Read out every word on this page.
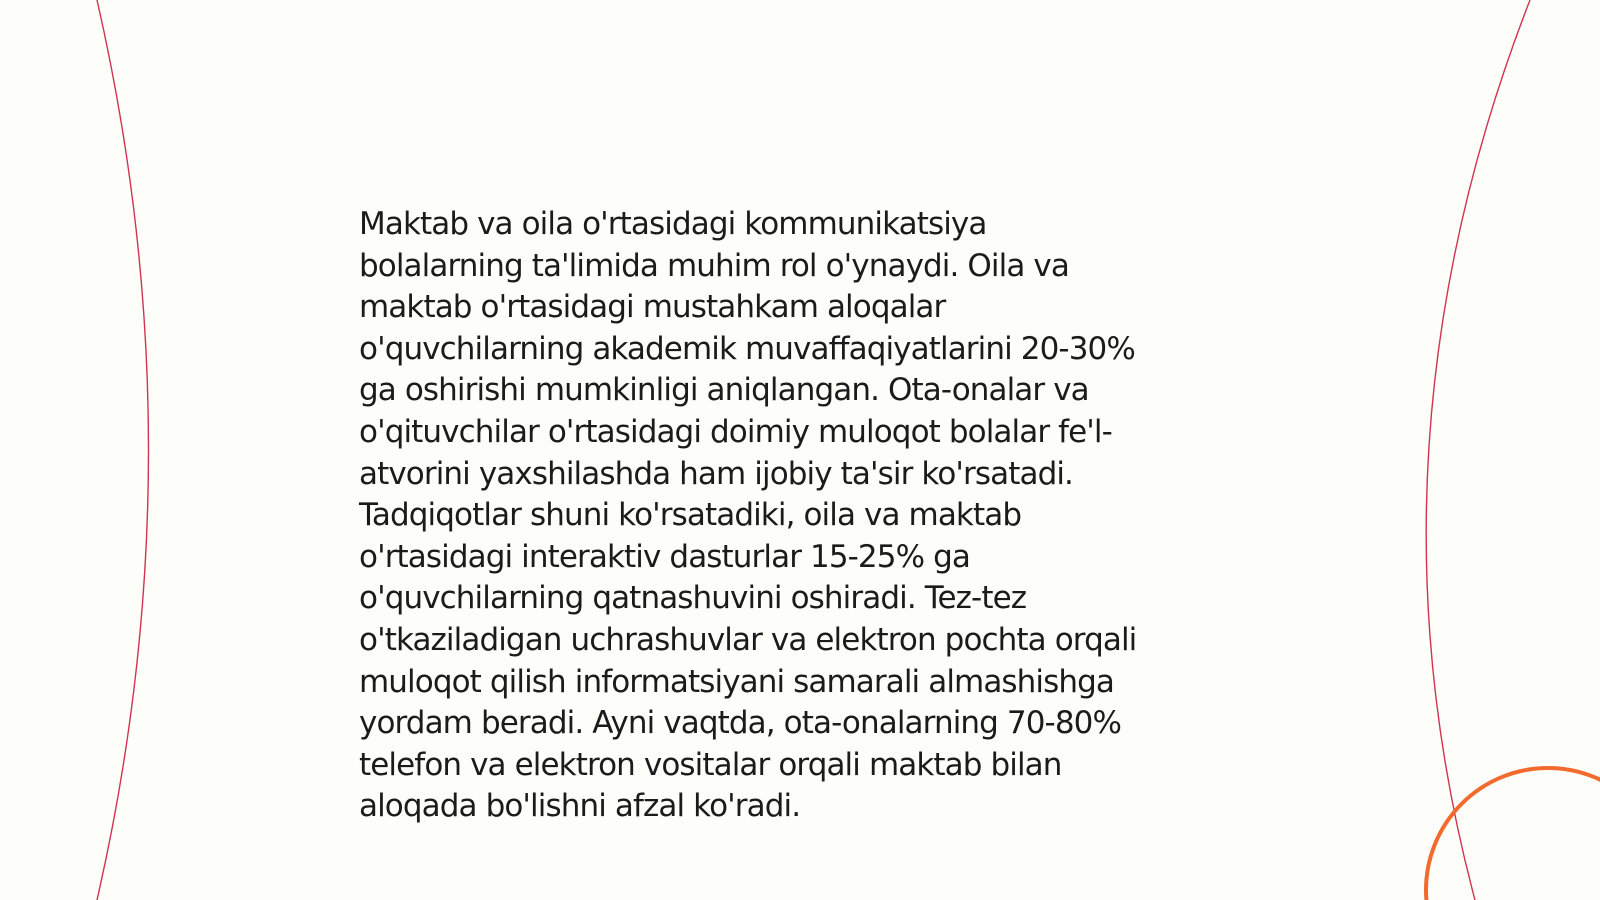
Maktab va oila o'rtasidagi kommunikatsiya
bolalarning ta'limida muhim rol o'ynaydi. Oila va
maktab o'rtasidagi mustahkam aloqalar
o'quvchilarning akademik muvaffaqiyatlarini 20-30%
ga oshirishi mumkinligi aniqlangan. Ota-onalar va
o'qituvchilar o'rtasidagi doimiy muloqot bolalar fe'l-
atvorini yaxshilashda ham ijobiy ta'sir ko'rsatadi.
Tadqiqotlar shuni ko'rsatadiki, oila va maktab
o'rtasidagi interaktiv dasturlar 15-25% ga
o'quvchilarning qatnashuvini oshiradi. Tez-tez
o'tkaziladigan uchrashuvlar va elektron pochta orqali
muloqot qilish informatsiyani samarali almashishga
yordam beradi. Ayni vaqtda, ota-onalarning 70-80%
telefon va elektron vositalar orqali maktab bilan
aloqada bo'lishni afzal ko'radi.
